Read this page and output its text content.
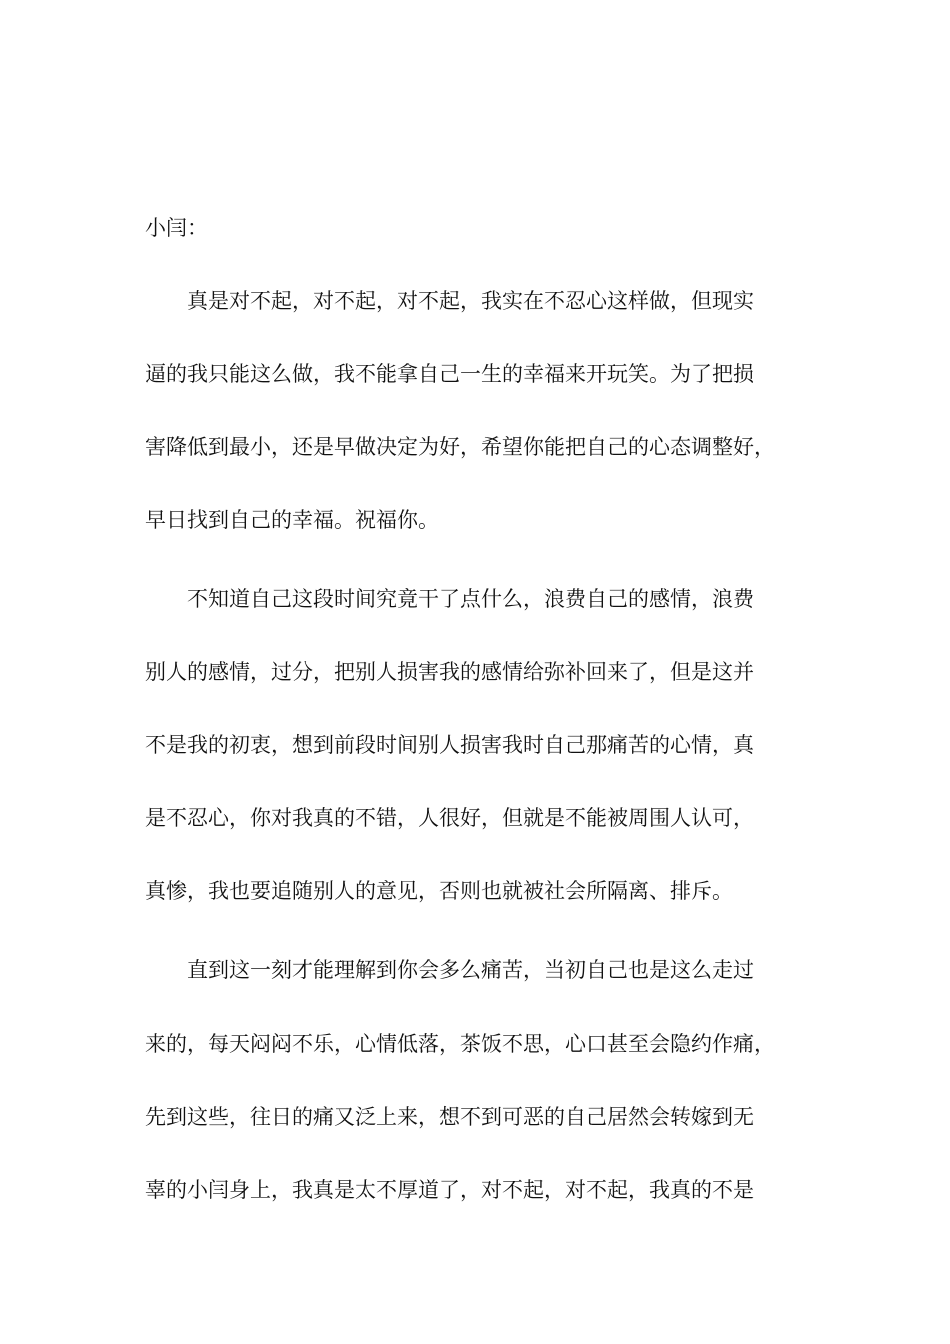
小闫：

　　真是对不起，对不起，对不起，我实在不忍心这样做，但现实

逼的我只能这么做，我不能拿自己一生的幸福来开玩笑。为了把损

害降低到最小，还是早做决定为好，希望你能把自己的心态调整好，

早日找到自己的幸福。祝福你。

　　不知道自己这段时间究竟干了点什么，浪费自己的感情，浪费

别人的感情，过分，把别人损害我的感情给弥补回来了，但是这并

不是我的初衷，想到前段时间别人损害我时自己那痛苦的心情，真

是不忍心，你对我真的不错，人很好，但就是不能被周围人认可，

真惨，我也要追随别人的意见，否则也就被社会所隔离、排斥。

　　直到这一刻才能理解到你会多么痛苦，当初自己也是这么走过

来的，每天闷闷不乐，心情低落，茶饭不思，心口甚至会隐约作痛，

先到这些，往日的痛又泛上来，想不到可恶的自己居然会转嫁到无

辜的小闫身上，我真是太不厚道了，对不起，对不起，我真的不是
